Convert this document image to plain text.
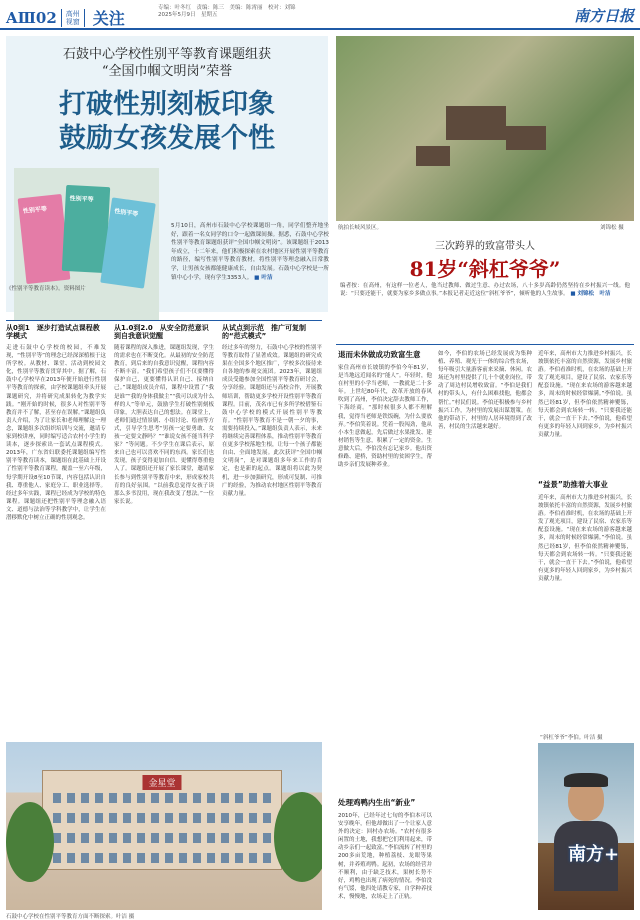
AⅢ02 高州
视窗 关注
专编：叶冬红　责编：陈三　美编：陈霄丽　校对：刘锦
2025年5月9日　星期五	南方日报
石鼓中心学校性别平等教育课题组获
“全国巾帼文明岗”荣誉
打破性别刻板印象
鼓励女孩发展个性
性别平等
性别平等
性别平等
5月10日，高州市石鼓中心学校课题组一角，同学们整齐地坐好，跟着一名女同学的口令一起做课间操。据悉，石鼓中心学校性别平等教育课题组获评“全国巾帼文明岗”。该课题组于2013年成立，十二年来，他们积极探索在农村地区开展性别平等教育的路径，编写性别平等教育教材，将性别平等理念融入日常教学，让男孩女孩都能健康成长，自由发展。石鼓中心学校是一所镇中心小学，现有学生3353人。 ■ 叶洁
《性别平等教育读本》。资料图片
从0到1　逐步打造试点课程教学模式
走进石鼓中心学校的校园，不难发现，“性别平等”的理念已经深深植根于这所学校。从教材、课堂、活动到校园文化，性别平等教育贯穿其中。据了解，石鼓中心学校早在2013年便开始进行性别平等教育的探索，由学校课题组牵头开展课题研究，并将研究成果转化为教学实践。“刚开始的时候，很多人对性别平等教育并不了解，甚至存在误解。”课题组负责人介绍，为了让家长和老师理解这一理念，课题组多次组织培训与交流，邀请专家到校讲座，同时编写适合农村小学生的读本，逐步探索出一套试点课程模式。2013年，广东省妇联委托课题组编写性别平等教育读本，课题组在此基础上开设了性别平等教育课程，覆盖一至六年级，每学期开设8至10节课，内容包括认识自我、尊重他人、家庭分工、职业选择等。经过多年实践，课程已经成为学校的特色课程。课题组还把性别平等理念融入语文、道德与法治等学科教学中，让学生在潜移默化中树立正确的性别观念。
从1.0到2.0　从安全防范意识到自我意识觉醒
随着课程的深入推进，课题组发现，学生的需求也在不断变化。从最初的安全防范教育，到后来的自我意识觉醒，课程内容不断丰富。“我们希望孩子们不仅要懂得保护自己，更要懂得认识自己、接纳自己。”课题组成员介绍，课程中设置了“我是谁”“我的身体我做主”“我可以成为什么样的人”等单元，鼓励学生打破性别刻板印象，大胆表达自己的想法。在课堂上，老师们通过情景剧、小组讨论、绘画等方式，引导学生思考“男孩一定要勇敢、女孩一定要文静吗？”“谁说女孩不能当科学家？”等问题。不少学生在课后表示，原来自己也可以喜欢不同的东西。家长们也发现，孩子变得更加自信、更懂得尊重他人了。课题组还开展了家长课堂，邀请家长参与到性别平等教育中来，形成家校共育的良好氛围。“以前我总觉得女孩子读那么多书没用，现在我改变了想法。”一位家长说。
从试点到示范　推广可复制的“范式模式”
经过多年的努力，石鼓中心学校的性别平等教育取得了显著成效。课题组的研究成果在全国多个地区推广，学校多次接待来自各地的参观交流团。2023年，课题组成员受邀参加全国性别平等教育研讨会，分享经验。课题组还与高校合作，开展教师培训，帮助更多学校开设性别平等教育课程。目前，茂名市已有多所学校借鉴石鼓中心学校的模式开展性别平等教育。“性别平等教育不是一朝一夕的事，需要持续投入。”课题组负责人表示，未来将继续完善课程体系，推动性别平等教育在更多学校落地生根，让每一个孩子都能自由、全面地发展。此次获评“全国巾帼文明岗”，是对课题组多年来工作的肯定，也是新的起点。课题组将以此为契机，进一步加强研究，形成可复制、可推广的经验，为推动农村地区性别平等教育贡献力量。
金星堂
石鼓中心学校在性别平等教育方面不断探索。叶洁 摄
航拍长岐风景区。	刘锦松 摄
三次跨界的致富带头人
81岁“斜杠爷爷”
编者按：在高州，有这样一位老人，他当过教师、做过生意、办过农场，八十多岁高龄仍然坚持在乡村振兴一线。他说：“只要还能干，就要为家乡多做点事。”本报记者走近这位“斜杠爷爷”，倾听他的人生故事。 ■ 刘锦松　叶洁
退而未休做成功致富生意
家住高州市长坡镇的李伯今年81岁，是当地远近闻名的“能人”。年轻时，他在村里的小学当老师，一教就是二十多年。上世纪80年代，改革开放的春风吹到了高州，李伯决定辞去教师工作，下海经商。“那时候很多人都不理解我，觉得当老师是铁饭碗，为什么要放弃。”李伯笑着说。凭着一股闯劲，他从小本生意做起，先后做过水果批发、建材销售等生意，积累了一定的资金。生意做大后，李伯没有忘记家乡。他出资修路、建桥，资助村里的贫困学生，帮助乡亲们发展种养业。
处理鸡鸭内生出“新业”
2010年，已经年过七旬的李伯本可以安享晚年，但他却做出了一个让家人意外的决定：回村办农场。“农村有很多闲置的土地，我想把它们利用起来，带动乡亲们一起致富。”李伯流转了村里的200多亩荒地，种植荔枝、龙眼等果树，并养殖鸡鸭。起初，农场的经营并不顺利，由于缺乏技术，果树长势不好，鸡鸭也出现了病死的情况。李伯没有气馁，他四处请教专家，自学种养技术，慢慢地，农场走上了正轨。
如今，李伯的农场已经发展成为集种植、养殖、观光于一体的综合性农场，每年吸引大量游客前来采摘、休闲。农场还为村里提供了几十个就业岗位，带动了周边村民增收致富。“李伯是我们村的带头人，有什么困难找他，他都会帮忙。”村民们说。李伯还积极参与乡村振兴工作，为村里的发展出谋划策。在他的带动下，村里的人居环境得到了改善，村民的生活越来越好。
“益景”助推着大事业
近年来，高州市大力推进乡村振兴，长坡镇依托丰富的自然资源，发展乡村旅游。李伯看准时机，在农场的基础上开发了观光项目，建设了民宿、农家乐等配套设施。“现在来农场的游客越来越多，周末的时候经常爆满。”李伯说。虽然已经81岁，但李伯依然精神矍铄，每天都会到农场转一转。“只要我还能干，就会一直干下去。”李伯说，他希望有更多的年轻人回到家乡，为乡村振兴贡献力量。
近年来，高州市大力推进乡村振兴，长坡镇依托丰富的自然资源，发展乡村旅游。李伯看准时机，在农场的基础上开发了观光项目，建设了民宿、农家乐等配套设施。“现在来农场的游客越来越多，周末的时候经常爆满。”李伯说。虽然已经81岁，但李伯依然精神矍铄，每天都会到农场转一转。“只要我还能干，就会一直干下去。”李伯说，他希望有更多的年轻人回到家乡，为乡村振兴贡献力量。
“斜杠爷爷”李伯。叶洁 摄
南方+
